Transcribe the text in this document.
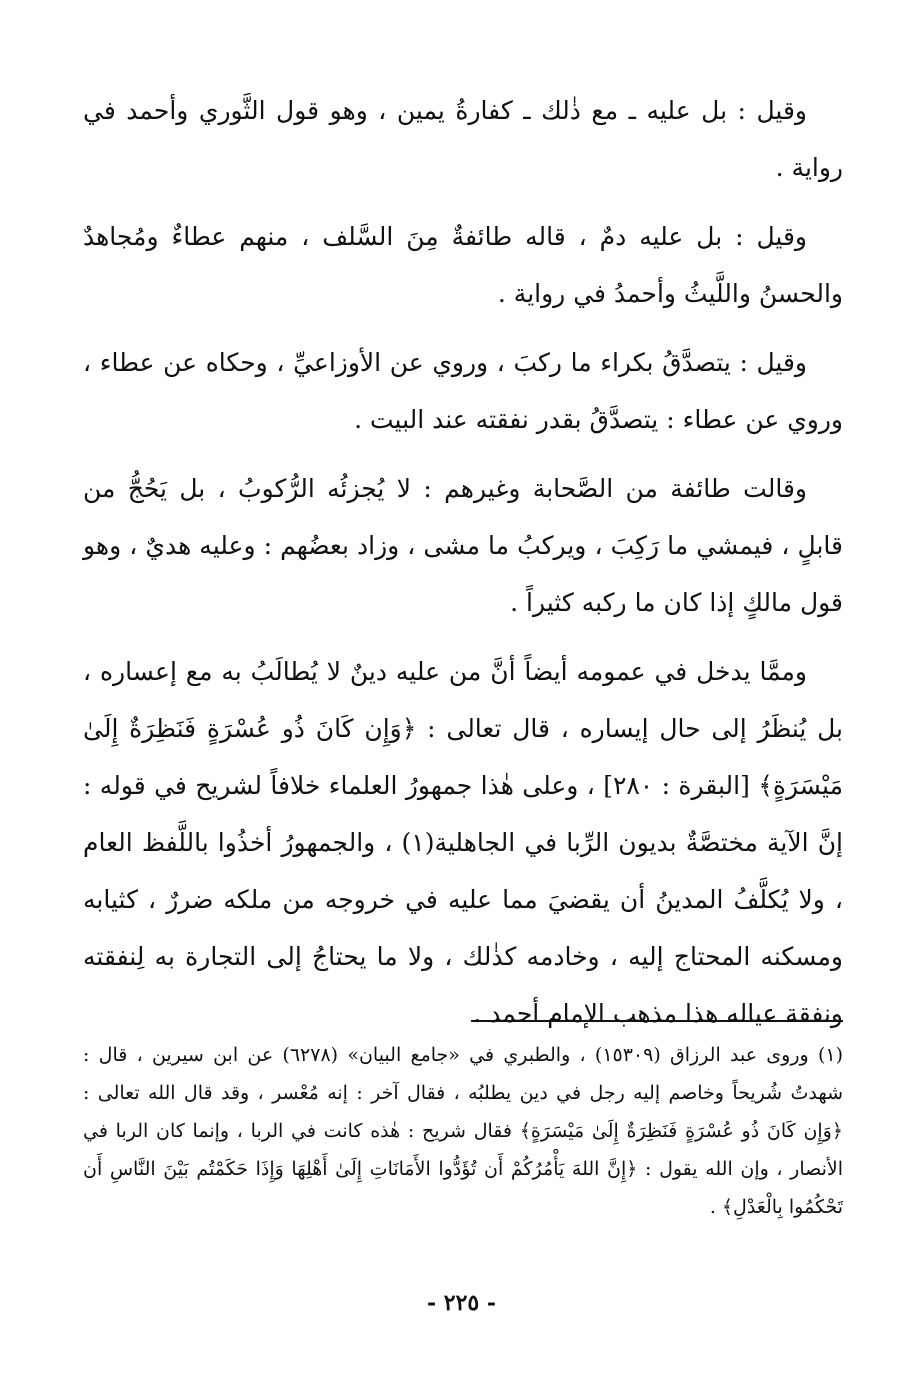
وقيل : بل عليه ـ مع ذٰلك ـ كفارةُ يمين ، وهو قول الثَّوري وأحمد في رواية .

وقيل : بل عليه دمٌ ، قاله طائفةٌ مِنَ السَّلف ، منهم عطاءٌ ومُجاهدٌ والحسنُ واللَّيثُ وأحمدُ في رواية .

وقيل : يتصدَّقُ بكراء ما ركبَ ، وروي عن الأوزاعيِّ ، وحكاه عن عطاء ، وروي عن عطاء : يتصدَّقُ بقدر نفقته عند البيت .

وقالت طائفة من الصَّحابة وغيرهم : لا يُجزئُه الرُّكوبُ ، بل يَحُجُّ من قابلٍ ، فيمشي ما رَكِبَ ، ويركبُ ما مشى ، وزاد بعضُهم : وعليه هديٌ ، وهو قول مالكٍ إذا كان ما ركبه كثيراً .

وممَّا يدخل في عمومه أيضاً أنَّ من عليه دينٌ لا يُطالَبُ به مع إعساره ، بل يُنظَرُ إلى حال إيساره ، قال تعالى : ﴿وَإِن كَانَ ذُو عُسْرَةٍ فَنَظِرَةٌ إِلَىٰ مَيْسَرَةٍ﴾ [البقرة : ٢٨٠] ، وعلى هٰذا جمهورُ العلماء خلافاً لشريح في قوله : إنَّ الآية مختصَّةٌ بديون الرِّبا في الجاهلية(١) ، والجمهورُ أخذُوا باللَّفظ العام ، ولا يُكلَّفُ المدينُ أن يقضيَ مما عليه في خروجه من ملكه ضررٌ ، كثيابه ومسكنه المحتاج إليه ، وخادمه كذٰلك ، ولا ما يحتاجُ إلى التجارة به لِنفقته ونفقة عياله هذا مذهب الإمام أحمد .

(١) وروى عبد الرزاق (١٥٣٠٩) ، والطبري في «جامع البيان» (٦٢٧٨) عن ابن سيرين ، قال : شهدتُ شُريحاً وخاصم إليه رجل في دين يطلبُه ، فقال آخر : إنه مُعْسر ، وقد قال الله تعالى : ﴿وَإِن كَانَ ذُو عُسْرَةٍ فَنَظِرَةٌ إِلَىٰ مَيْسَرَةٍ﴾ فقال شريح : هٰذه كانت في الربا ، وإنما كان الربا في الأنصار ، وإن الله يقول : ﴿إِنَّ اللهَ يَأْمُرُكُمْ أَن تُؤَدُّوا الأَمَانَاتِ إِلَىٰ أَهْلِهَا وَإِذَا حَكَمْتُم بَيْنَ النَّاسِ أَن تَحْكُمُوا بِالْعَدْلِ﴾ .

- ٢٢٥ -
